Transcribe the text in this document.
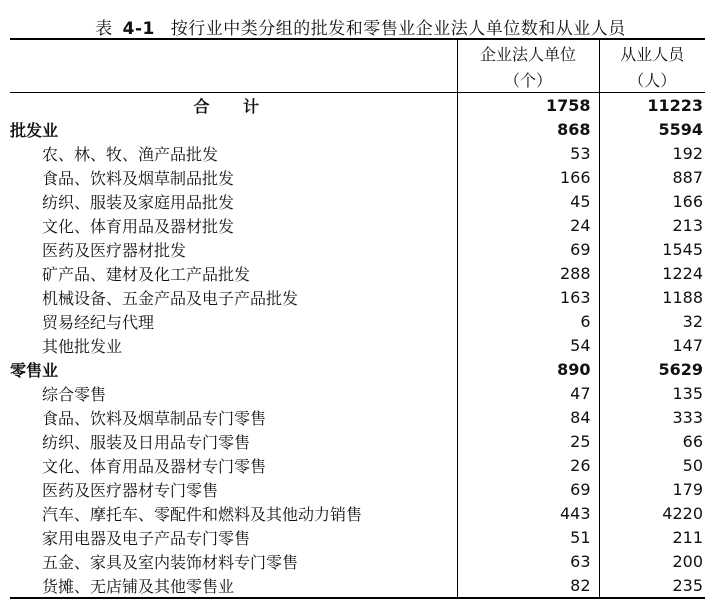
表 4-1 按行业中类分组的批发和零售业企业法人单位数和从业人员
	企业法人单位	从业人员
	（个）	（人）
合 计	1758	11223
批发业	868	5594
农、林、牧、渔产品批发	53	192
食品、饮料及烟草制品批发	166	887
纺织、服装及家庭用品批发	45	166
文化、体育用品及器材批发	24	213
医药及医疗器材批发	69	1545
矿产品、建材及化工产品批发	288	1224
机械设备、五金产品及电子产品批发	163	1188
贸易经纪与代理	6	32
其他批发业	54	147
零售业	890	5629
综合零售	47	135
食品、饮料及烟草制品专门零售	84	333
纺织、服装及日用品专门零售	25	66
文化、体育用品及器材专门零售	26	50
医药及医疗器材专门零售	69	179
汽车、摩托车、零配件和燃料及其他动力销售	443	4220
家用电器及电子产品专门零售	51	211
五金、家具及室内装饰材料专门零售	63	200
货摊、无店铺及其他零售业	82	235
